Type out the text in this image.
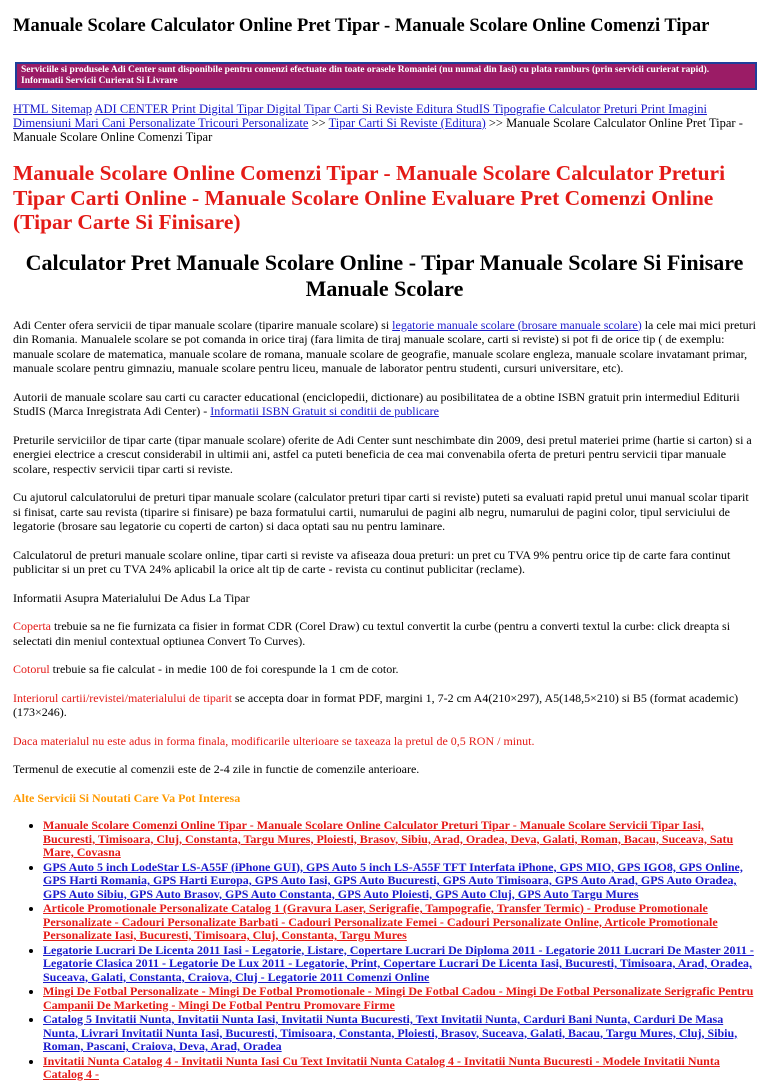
Manuale Scolare Calculator Online Pret Tipar - Manuale Scolare Online Comenzi Tipar
Serviciile si produsele Adi Center sunt disponibile pentru comenzi efectuate din toate orasele Romaniei (nu numai din Iasi) cu plata ramburs (prin servicii curierat rapid). Informatii Servicii Curierat Si Livrare
HTML Sitemap ADI CENTER Print Digital Tipar Digital Tipar Carti Si Reviste Editura StudIS Tipografie Calculator Preturi Print Imagini Dimensiuni Mari Cani Personalizate Tricouri Personalizate >> Tipar Carti Si Reviste (Editura) >> Manuale Scolare Calculator Online Pret Tipar - Manuale Scolare Online Comenzi Tipar
Manuale Scolare Online Comenzi Tipar - Manuale Scolare Calculator Preturi Tipar Carti Online - Manuale Scolare Online Evaluare Pret Comenzi Online (Tipar Carte Si Finisare)
Calculator Pret Manuale Scolare Online - Tipar Manuale Scolare Si Finisare Manuale Scolare

Adi Center ofera servicii de tipar manuale scolare (tiparire manuale scolare) si legatorie manuale scolare (brosare manuale scolare) la cele mai mici preturi din Romania. Manualele scolare se pot comanda in orice tiraj (fara limita de tiraj manuale scolare, carti si reviste) si pot fi de orice tip ( de exemplu: manuale scolare de matematica, manuale scolare de romana, manuale scolare de geografie, manuale scolare engleza, manuale scolare invatamant primar, manuale scolare pentru gimnaziu, manuale scolare pentru liceu, manuale de laborator pentru studenti, cursuri universitare, etc).

Autorii de manuale scolare sau carti cu caracter educational (enciclopedii, dictionare) au posibilitatea de a obtine ISBN gratuit prin intermediul Editurii StudIS (Marca Inregistrata Adi Center) - Informatii ISBN Gratuit si conditii de publicare

Preturile serviciilor de tipar carte (tipar manuale scolare) oferite de Adi Center sunt neschimbate din 2009, desi pretul materiei prime (hartie si carton) si a energiei electrice a crescut considerabil in ultimii ani, astfel ca puteti beneficia de cea mai convenabila oferta de preturi pentru servicii tipar manuale scolare, respectiv servicii tipar carti si reviste.

Cu ajutorul calculatorului de preturi tipar manuale scolare (calculator preturi tipar carti si reviste) puteti sa evaluati rapid pretul unui manual scolar tiparit si finisat, carte sau revista (tiparire si finisare) pe baza formatului cartii, numarului de pagini alb negru, numarului de pagini color, tipul serviciului de legatorie (brosare sau legatorie cu coperti de carton) si daca optati sau nu pentru laminare.

Calculatorul de preturi manuale scolare online, tipar carti si reviste va afiseaza doua preturi: un pret cu TVA 9% pentru orice tip de carte fara continut publicitar si un pret cu TVA 24% aplicabil la orice alt tip de carte - revista cu continut publicitar (reclame).

Informatii Asupra Materialului De Adus La Tipar

Coperta trebuie sa ne fie furnizata ca fisier in format CDR (Corel Draw) cu textul convertit la curbe (pentru a converti textul la curbe: click dreapta si selectati din meniul contextual optiunea Convert To Curves).

Cotorul trebuie sa fie calculat - in medie 100 de foi corespunde la 1 cm de cotor.

Interiorul cartii/revistei/materialului de tiparit se accepta doar in format PDF, margini 1, 7-2 cm A4(210×297), A5(148,5×210) si B5 (format academic) (173×246).

Daca materialul nu este adus in forma finala, modificarile ulterioare se taxeaza la pretul de 0,5 RON / minut.

Termenul de executie al comenzii este de 2-4 zile in functie de comenzile anterioare.

Alte Servicii Si Noutati Care Va Pot Interesa

• Manuale Scolare Comenzi Online Tipar - Manuale Scolare Online Calculator Preturi Tipar - Manuale Scolare Servicii Tipar Iasi, Bucuresti, Timisoara, Cluj, Constanta, Targu Mures, Ploiesti, Brasov, Sibiu, Arad, Oradea, Deva, Galati, Roman, Bacau, Suceava, Satu Mare, Covasna
• GPS Auto 5 inch LodeStar LS-A55F (iPhone GUI), GPS Auto 5 inch LS-A55F TFT Interfata iPhone, GPS MIO, GPS IGO8, GPS Online, GPS Harti Romania, GPS Harti Europa, GPS Auto Iasi, GPS Auto Bucuresti, GPS Auto Timisoara, GPS Auto Arad, GPS Auto Oradea, GPS Auto Sibiu, GPS Auto Brasov, GPS Auto Constanta, GPS Auto Ploiesti, GPS Auto Cluj, GPS Auto Targu Mures
• Articole Promotionale Personalizate Catalog 1 (Gravura Laser, Serigrafie, Tampografie, Transfer Termic) - Produse Promotionale Personalizate - Cadouri Personalizate Barbati - Cadouri Personalizate Femei - Cadouri Personalizate Online, Articole Promotionale Personalizate Iasi, Bucuresti, Timisoara, Cluj, Constanta, Targu Mures
• Legatorie Lucrari De Licenta 2011 Iasi - Legatorie, Listare, Copertare Lucrari De Diploma 2011 - Legatorie 2011 Lucrari De Master 2011 - Legatorie Clasica 2011 - Legatorie De Lux 2011 - Legatorie, Print, Copertare Lucrari De Licenta Iasi, Bucuresti, Timisoara, Arad, Oradea, Suceava, Galati, Constanta, Craiova, Cluj - Legatorie 2011 Comenzi Online
• Mingi De Fotbal Personalizate - Mingi De Fotbal Promotionale - Mingi De Fotbal Cadou - Mingi De Fotbal Personalizate Serigrafic Pentru Campanii De Marketing - Mingi De Fotbal Pentru Promovare Firme
• Catalog 5 Invitatii Nunta, Invitatii Nunta Iasi, Invitatii Nunta Bucuresti, Text Invitatii Nunta, Carduri Bani Nunta, Carduri De Masa Nunta, Livrari Invitatii Nunta Iasi, Bucuresti, Timisoara, Constanta, Ploiesti, Brasov, Suceava, Galati, Bacau, Targu Mures, Cluj, Sibiu, Roman, Pascani, Craiova, Deva, Arad, Oradea
• Invitatii Nunta Catalog 4 - Invitatii Nunta Iasi Cu Text Invitatii Nunta Catalog 4 - Invitatii Nunta Bucuresti - Modele Invitatii Nunta Catalog 4 -
